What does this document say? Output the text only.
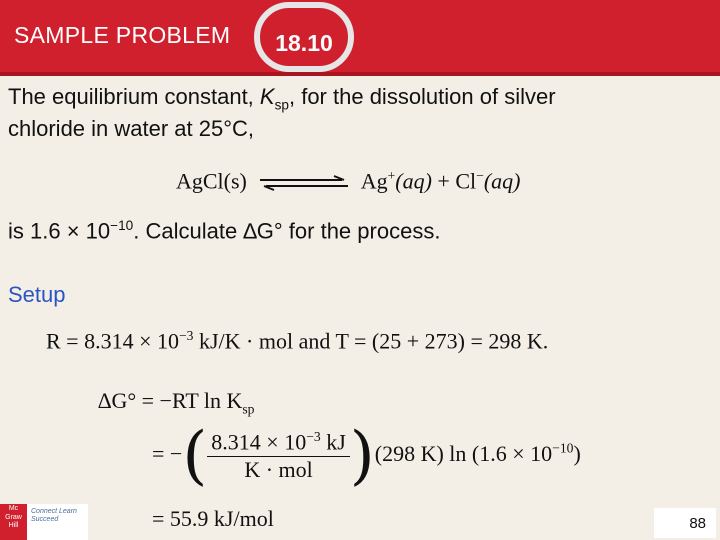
SAMPLE PROBLEM	18.10
The equilibrium constant, $K_{sp}$, for the dissolution of silver
chloride in water at 25°C,
AgCl(s)	Ag+(aq) + Cl−(aq)
is $1.6 \times 10^{-10}$. Calculate ∆G° for the process.
Setup
$R = 8.314 \times 10^{-3}$ kJ/K · mol and T = (25 + 273) = 298 K.
∆G° = −RT $\ln K_{sp}$
= −( $\frac{8.314 \times 10^{-3} kJ}{\text{K · mol}} )(298$ K) $\ln (1.6 \times 10^{-10})$
= 55.9 kJ/mol
Mc Graw Hill
Connect Learn Succeed	88
